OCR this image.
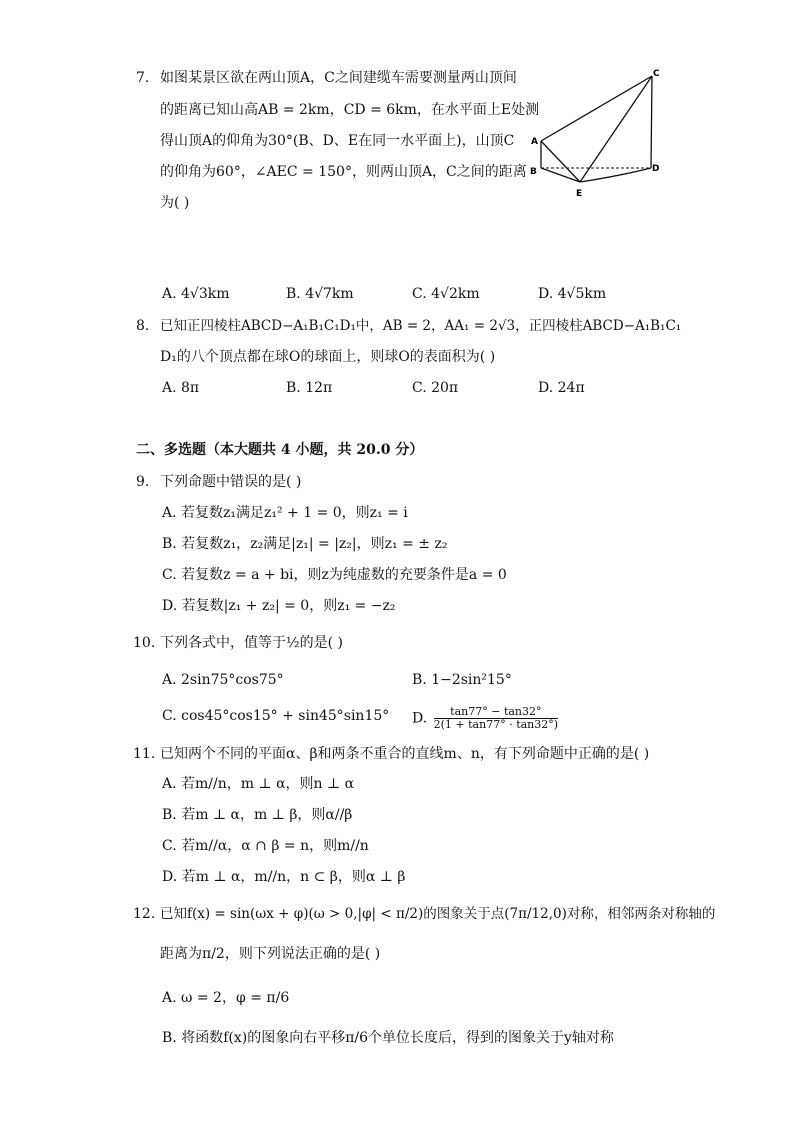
7. 如图某景区欲在两山顶A，C之间建缆车需要测量两山顶间
的距离已知山高AB = 2km，CD = 6km，在水平面上E处测
得山顶A的仰角为30°(B、D、E在同一水平面上)，山顶C
的仰角为60°，∠AEC = 150°，则两山顶A，C之间的距离
为( )
C
A
B	D
E
A. 4√3km	B. 4√7km	C. 4√2km	D. 4√5km
8. 已知正四棱柱ABCD−A₁B₁C₁D₁中，AB = 2，AA₁ = 2√3，正四棱柱ABCD−A₁B₁C₁
D₁的八个顶点都在球O的球面上，则球O的表面积为( )
A. 8π	B. 12π	C. 20π	D. 24π
二、多选题（本大题共 4 小题，共 20.0 分）
9. 下列命题中错误的是( )
A. 若复数z₁满足z₁² + 1 = 0，则z₁ = i
B. 若复数z₁，z₂满足|z₁| = |z₂|，则z₁ = ± z₂
C. 若复数z = a + bi，则z为纯虚数的充要条件是a = 0
D. 若复数|z₁ + z₂| = 0，则z₁ = −z₂
10. 下列各式中，值等于½的是( )
A. 2sin75°cos75°	B. 1−2sin²15°
C. cos45°cos15° + sin45°sin15° D. $\frac{\tan 77^\circ - \tan 32^\circ}{2(1 + \tan 77^\circ \cdot \tan 32^\circ)}$
11. 已知两个不同的平面α、β和两条不重合的直线m、n，有下列命题中正确的是( )
A. 若m//n，m ⊥ α，则n ⊥ α
B. 若m ⊥ α，m ⊥ β，则α//β
C. 若m//α，α ∩ β = n，则m//n
D. 若m ⊥ α，m//n，n ⊂ β，则α ⊥ β
12. 已知f(x) = sin(ωx + φ)(ω > 0,|φ| < π/2)的图象关于点(7π/12,0)对称，相邻两条对称轴的
距离为π/2，则下列说法正确的是( )
A. ω = 2，φ = π/6
B. 将函数f(x)的图象向右平移π/6个单位长度后，得到的图象关于y轴对称
